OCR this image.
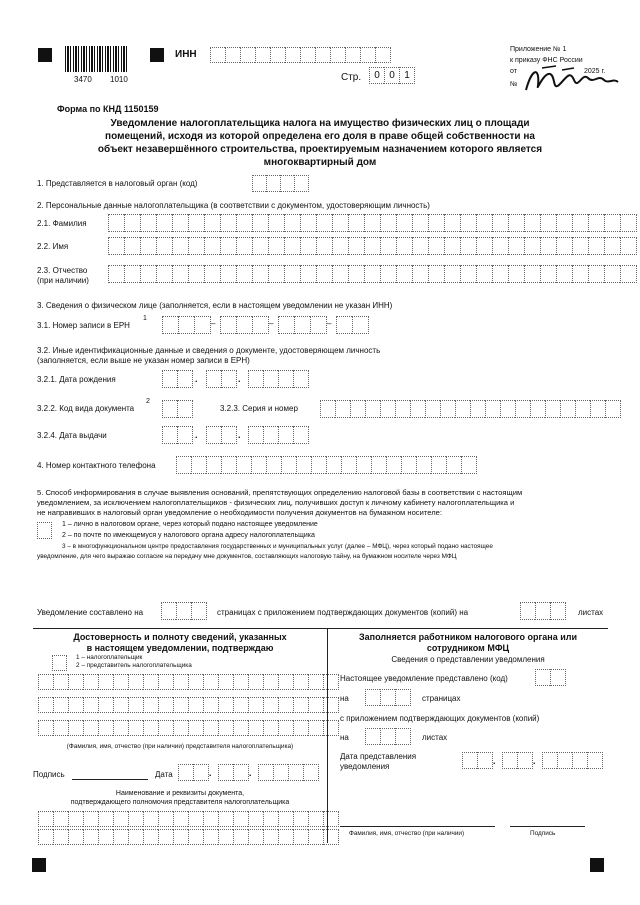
3470 1010
ИНН
Стр.	0 0 1
Приложение № 1
к приказу ФНС России
от	2025 г.
№
Форма по КНД 1150159
Уведомление налогоплательщика налога на имущество физических лиц о площади
помещений, исходя из которой определена его доля в праве общей собственности на
объект незавершённого строительства, проектируемым назначением которого является
многоквартирный дом
1. Представляется в налоговый орган (код)
2. Персональные данные налогоплательщика (в соответствии с документом, удостоверяющим личность)
2.1. Фамилия
2.2. Имя
2.3. Отчество
(при наличии)
3. Сведения о физическом лице (заполняется, если в настоящем уведомлении не указан ИНН)
3.1. Номер записи в ЕРН
1
–	–	–
3.2. Иные идентификационные данные и сведения о документе, удостоверяющем личность
(заполняется, если выше не указан номер записи в ЕРН)
3.2.1. Дата рождения	.	.
3.2.2. Код вида документа
2
3.2.3. Серия и номер
3.2.4. Дата выдачи	.	.
4. Номер контактного телефона
5. Способ информирования в случае выявления оснований, препятствующих определению налоговой базы в соответствии с настоящим
уведомлением, за исключением налогоплательщиков - физических лиц, получивших доступ к личному кабинету налогоплательщика и
не направивших в налоговый орган уведомление о необходимости получения документов на бумажном носителе:
1 – лично в налоговом органе, через который подано настоящее уведомление
2 – по почте по имеющемуся у налогового органа адресу налогоплательщика
3 – в многофункциональном центре предоставления государственных и муниципальных услуг (далее – МФЦ), через который подано настоящее
уведомление, для чего выражаю согласие на передачу мне документов, составляющих налоговую тайну, на бумажном носителе через МФЦ
Уведомление составлено на	страницах с приложением подтверждающих документов (копий) на	листах
Достоверность и полноту сведений, указанных
в настоящем уведомлении, подтверждаю
1 – налогоплательщик
2 – представитель налогоплательщика
(Фамилия, имя, отчество (при наличии) представителя налогоплательщика)
Подпись	Дата	.	.
Наименование и реквизиты документа,
подтверждающего полномочия представителя налогоплательщика
Заполняется работником налогового органа или
сотрудником МФЦ
Сведения о представлении уведомления
Настоящее уведомление представлено (код)
на	страницах
с приложением подтверждающих документов (копий)
на	листах
Дата представления
уведомления
.	.
Фамилия, имя, отчество (при наличии)	Подпись
